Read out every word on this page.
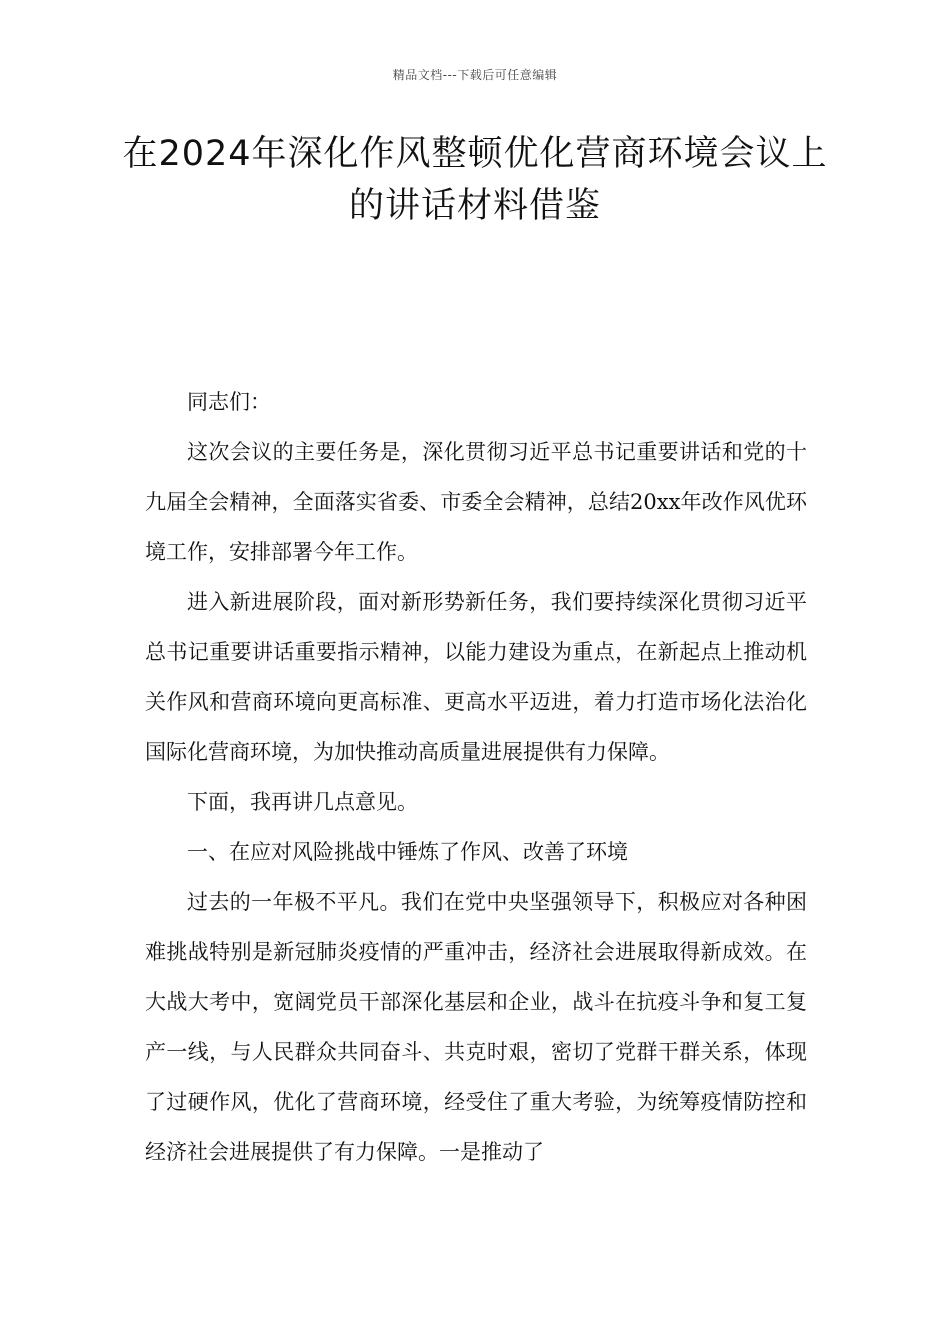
精品文档---下载后可任意编辑
在2024年深化作风整顿优化营商环境会议上的讲话材料借鉴

同志们：

这次会议的主要任务是，深化贯彻习近平总书记重要讲话和党的十九届全会精神，全面落实省委、市委全会精神，总结20xx年改作风优环境工作，安排部署今年工作。

进入新进展阶段，面对新形势新任务，我们要持续深化贯彻习近平总书记重要讲话重要指示精神，以能力建设为重点，在新起点上推动机关作风和营商环境向更高标准、更高水平迈进，着力打造市场化法治化国际化营商环境，为加快推动高质量进展提供有力保障。

下面，我再讲几点意见。

一、在应对风险挑战中锤炼了作风、改善了环境

过去的一年极不平凡。我们在党中央坚强领导下，积极应对各种困难挑战特别是新冠肺炎疫情的严重冲击，经济社会进展取得新成效。在大战大考中，宽阔党员干部深化基层和企业，战斗在抗疫斗争和复工复产一线，与人民群众共同奋斗、共克时艰，密切了党群干群关系，体现了过硬作风，优化了营商环境，经受住了重大考验，为统筹疫情防控和经济社会进展提供了有力保障。一是推动了
